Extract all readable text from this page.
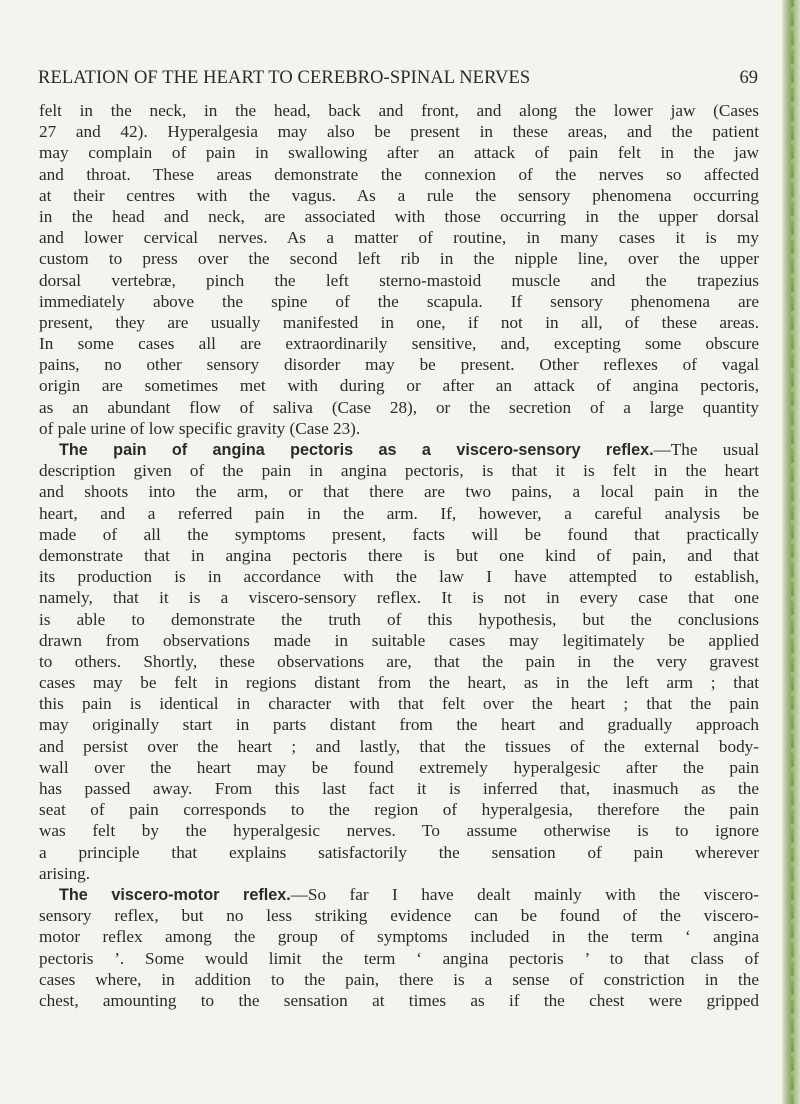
RELATION OF THE HEART TO CEREBRO-SPINAL NERVES	69
felt in the neck, in the head, back and front, and along the lower jaw (Cases
27 and 42). Hyperalgesia may also be present in these areas, and the patient
may complain of pain in swallowing after an attack of pain felt in the jaw
and throat. These areas demonstrate the connexion of the nerves so affected
at their centres with the vagus. As a rule the sensory phenomena occurring
in the head and neck, are associated with those occurring in the upper dorsal
and lower cervical nerves. As a matter of routine, in many cases it is my
custom to press over the second left rib in the nipple line, over the upper
dorsal vertebræ, pinch the left sterno-mastoid muscle and the trapezius
immediately above the spine of the scapula. If sensory phenomena are
present, they are usually manifested in one, if not in all, of these areas.
In some cases all are extraordinarily sensitive, and, excepting some obscure
pains, no other sensory disorder may be present. Other reflexes of vagal
origin are sometimes met with during or after an attack of angina pectoris,
as an abundant flow of saliva (Case 28), or the secretion of a large quantity
of pale urine of low specific gravity (Case 23).
The pain of angina pectoris as a viscero-sensory reflex.—The usual
description given of the pain in angina pectoris, is that it is felt in the heart
and shoots into the arm, or that there are two pains, a local pain in the
heart, and a referred pain in the arm. If, however, a careful analysis be
made of all the symptoms present, facts will be found that practically
demonstrate that in angina pectoris there is but one kind of pain, and that
its production is in accordance with the law I have attempted to establish,
namely, that it is a viscero-sensory reflex. It is not in every case that one
is able to demonstrate the truth of this hypothesis, but the conclusions
drawn from observations made in suitable cases may legitimately be applied
to others. Shortly, these observations are, that the pain in the very gravest
cases may be felt in regions distant from the heart, as in the left arm ; that
this pain is identical in character with that felt over the heart ; that the pain
may originally start in parts distant from the heart and gradually approach
and persist over the heart ; and lastly, that the tissues of the external body-
wall over the heart may be found extremely hyperalgesic after the pain
has passed away. From this last fact it is inferred that, inasmuch as the
seat of pain corresponds to the region of hyperalgesia, therefore the pain
was felt by the hyperalgesic nerves. To assume otherwise is to ignore
a principle that explains satisfactorily the sensation of pain wherever
arising.
The viscero-motor reflex.—So far I have dealt mainly with the viscero-
sensory reflex, but no less striking evidence can be found of the viscero-
motor reflex among the group of symptoms included in the term ‘ angina
pectoris ’. Some would limit the term ‘ angina pectoris ’ to that class of
cases where, in addition to the pain, there is a sense of constriction in the
chest, amounting to the sensation at times as if the chest were gripped
